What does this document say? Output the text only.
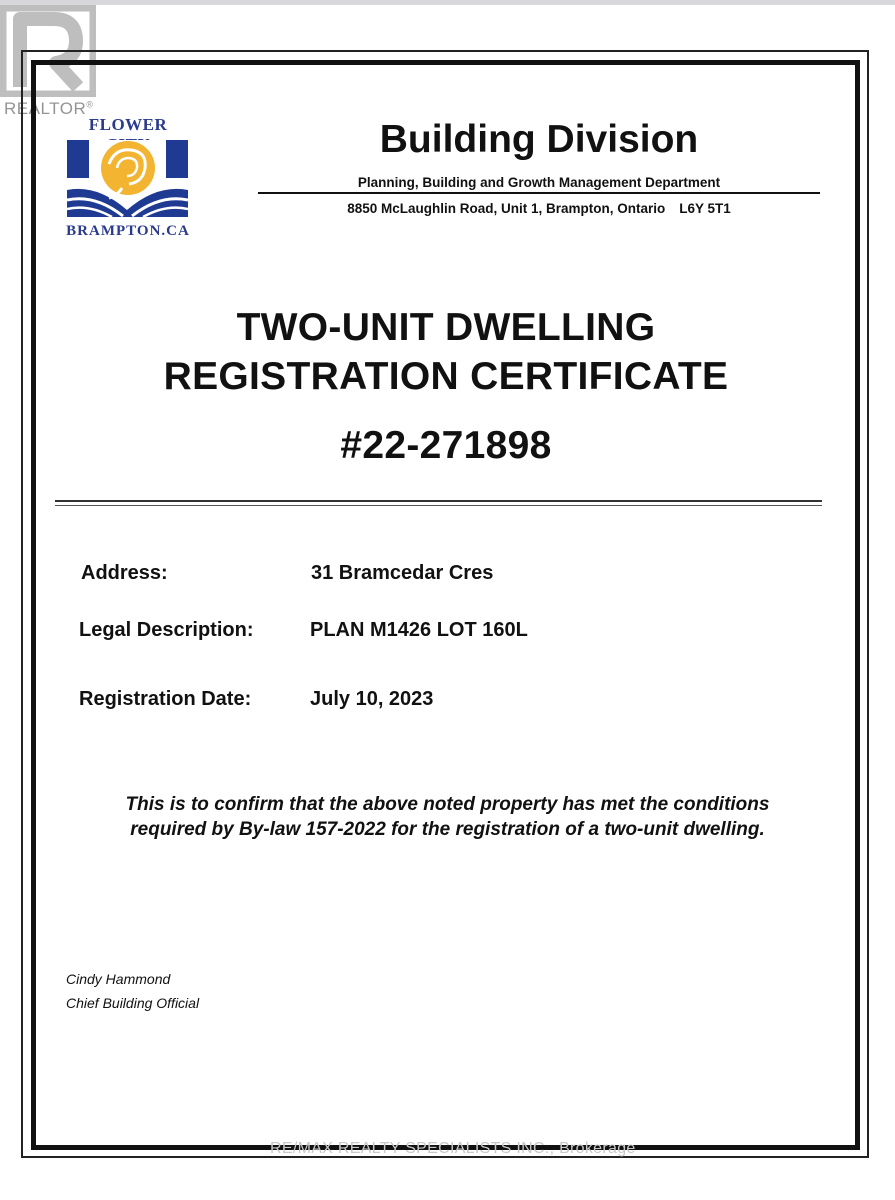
REALTOR®
FLOWER
BRAMPTON.CA
Building Division
Planning, Building and Growth Management Department
8850 McLaughlin Road, Unit 1, Brampton, Ontario L6Y 5T1
TWO-UNIT DWELLING
REGISTRATION CERTIFICATE
#22-271898
Address:	31 Bramcedar Cres
Legal Description:	PLAN M1426 LOT 160L
Registration Date:	July 10, 2023
This is to confirm that the above noted property has met the conditions
required by By-law 157-2022 for the registration of a two-unit dwelling.
Cindy Hammond
Chief Building Official
RE/MAX REALTY SPECIALISTS INC., Brokerage
